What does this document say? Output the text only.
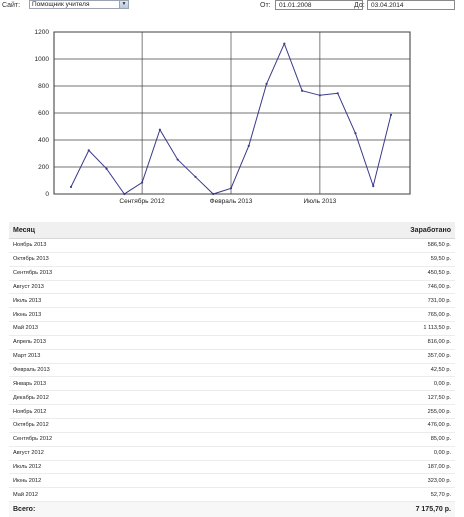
Сайт:	Помощник учителя	▼	От:	01.01.2008	До: 03.04.2014
0
200
400
600
800
1000
1200
Сентябрь 2012	Февраль 2013	Июль 2013
Месяц	Заработано
Ноябрь 2013	586,50 р.
Октябрь 2013	59,50 р.
Сентябрь 2013	450,50 р.
Август 2013	746,00 р.
Июль 2013	731,00 р.
Июнь 2013	765,00 р.
Май 2013	1 113,50 р.
Апрель 2013	816,00 р.
Март 2013	357,00 р.
Февраль 2013	42,50 р.
Январь 2013	0,00 р.
Декабрь 2012	127,50 р.
Ноябрь 2012	255,00 р.
Октябрь 2012	476,00 р.
Сентябрь 2012	85,00 р.
Август 2012	0,00 р.
Июль 2012	187,00 р.
Июнь 2012	323,00 р.
Май 2012	52,70 р.
Всего:	7 175,70 р.
